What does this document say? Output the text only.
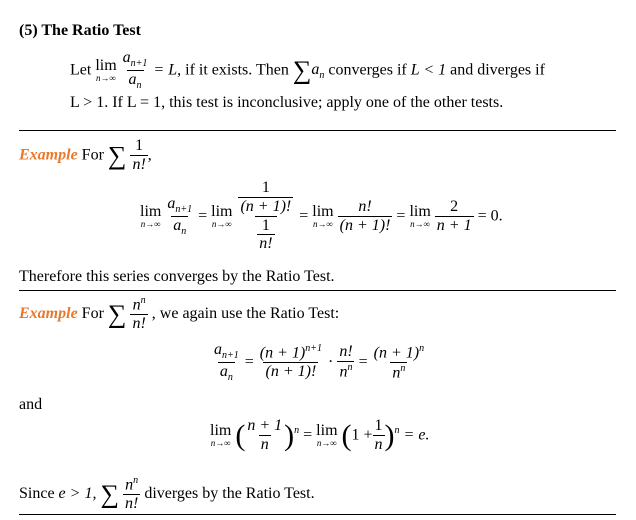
(5) The Ratio Test
Let lim
n→∞
$\frac{a_{n+1}}{a_n} = L$, if it exists. Then $\sum a_n$ converges if L < 1 and diverges if
L > 1. If L = 1, this test is inconclusive; apply one of the other tests.
Example For ∑ $\frac{1}{n!}$ ,
lim
n→∞
$\frac{a_{n+1}}{a_n} = \lim$
n→∞
$\frac{\frac{1}{(n + 1)!}}{\frac{1}{n!}} = \lim$
n→∞
$\frac{n!}{(n + 1)!} = \lim$
n→∞
$\frac{2}{n + 1} = 0$.
Therefore this series converges by the Ratio Test.
Example For ∑ $\frac{n^n}{n!}$ , we again use the Ratio Test:
$\frac{a_{n+1}}{a_n} = \frac{(n + 1)^{n+1}}{(n + 1)!} \cdot \frac{n!}{n^n} = \frac{(n + 1)^n}{n^n}$
and
lim
n→∞ ( $\frac{n + 1}{n} )^n = \lim$
n→∞ $(1 + \frac{1}{n} )^n = e$.
Since e > 1, ∑ $\frac{n^n}{n!}$ diverges by the Ratio Test.
